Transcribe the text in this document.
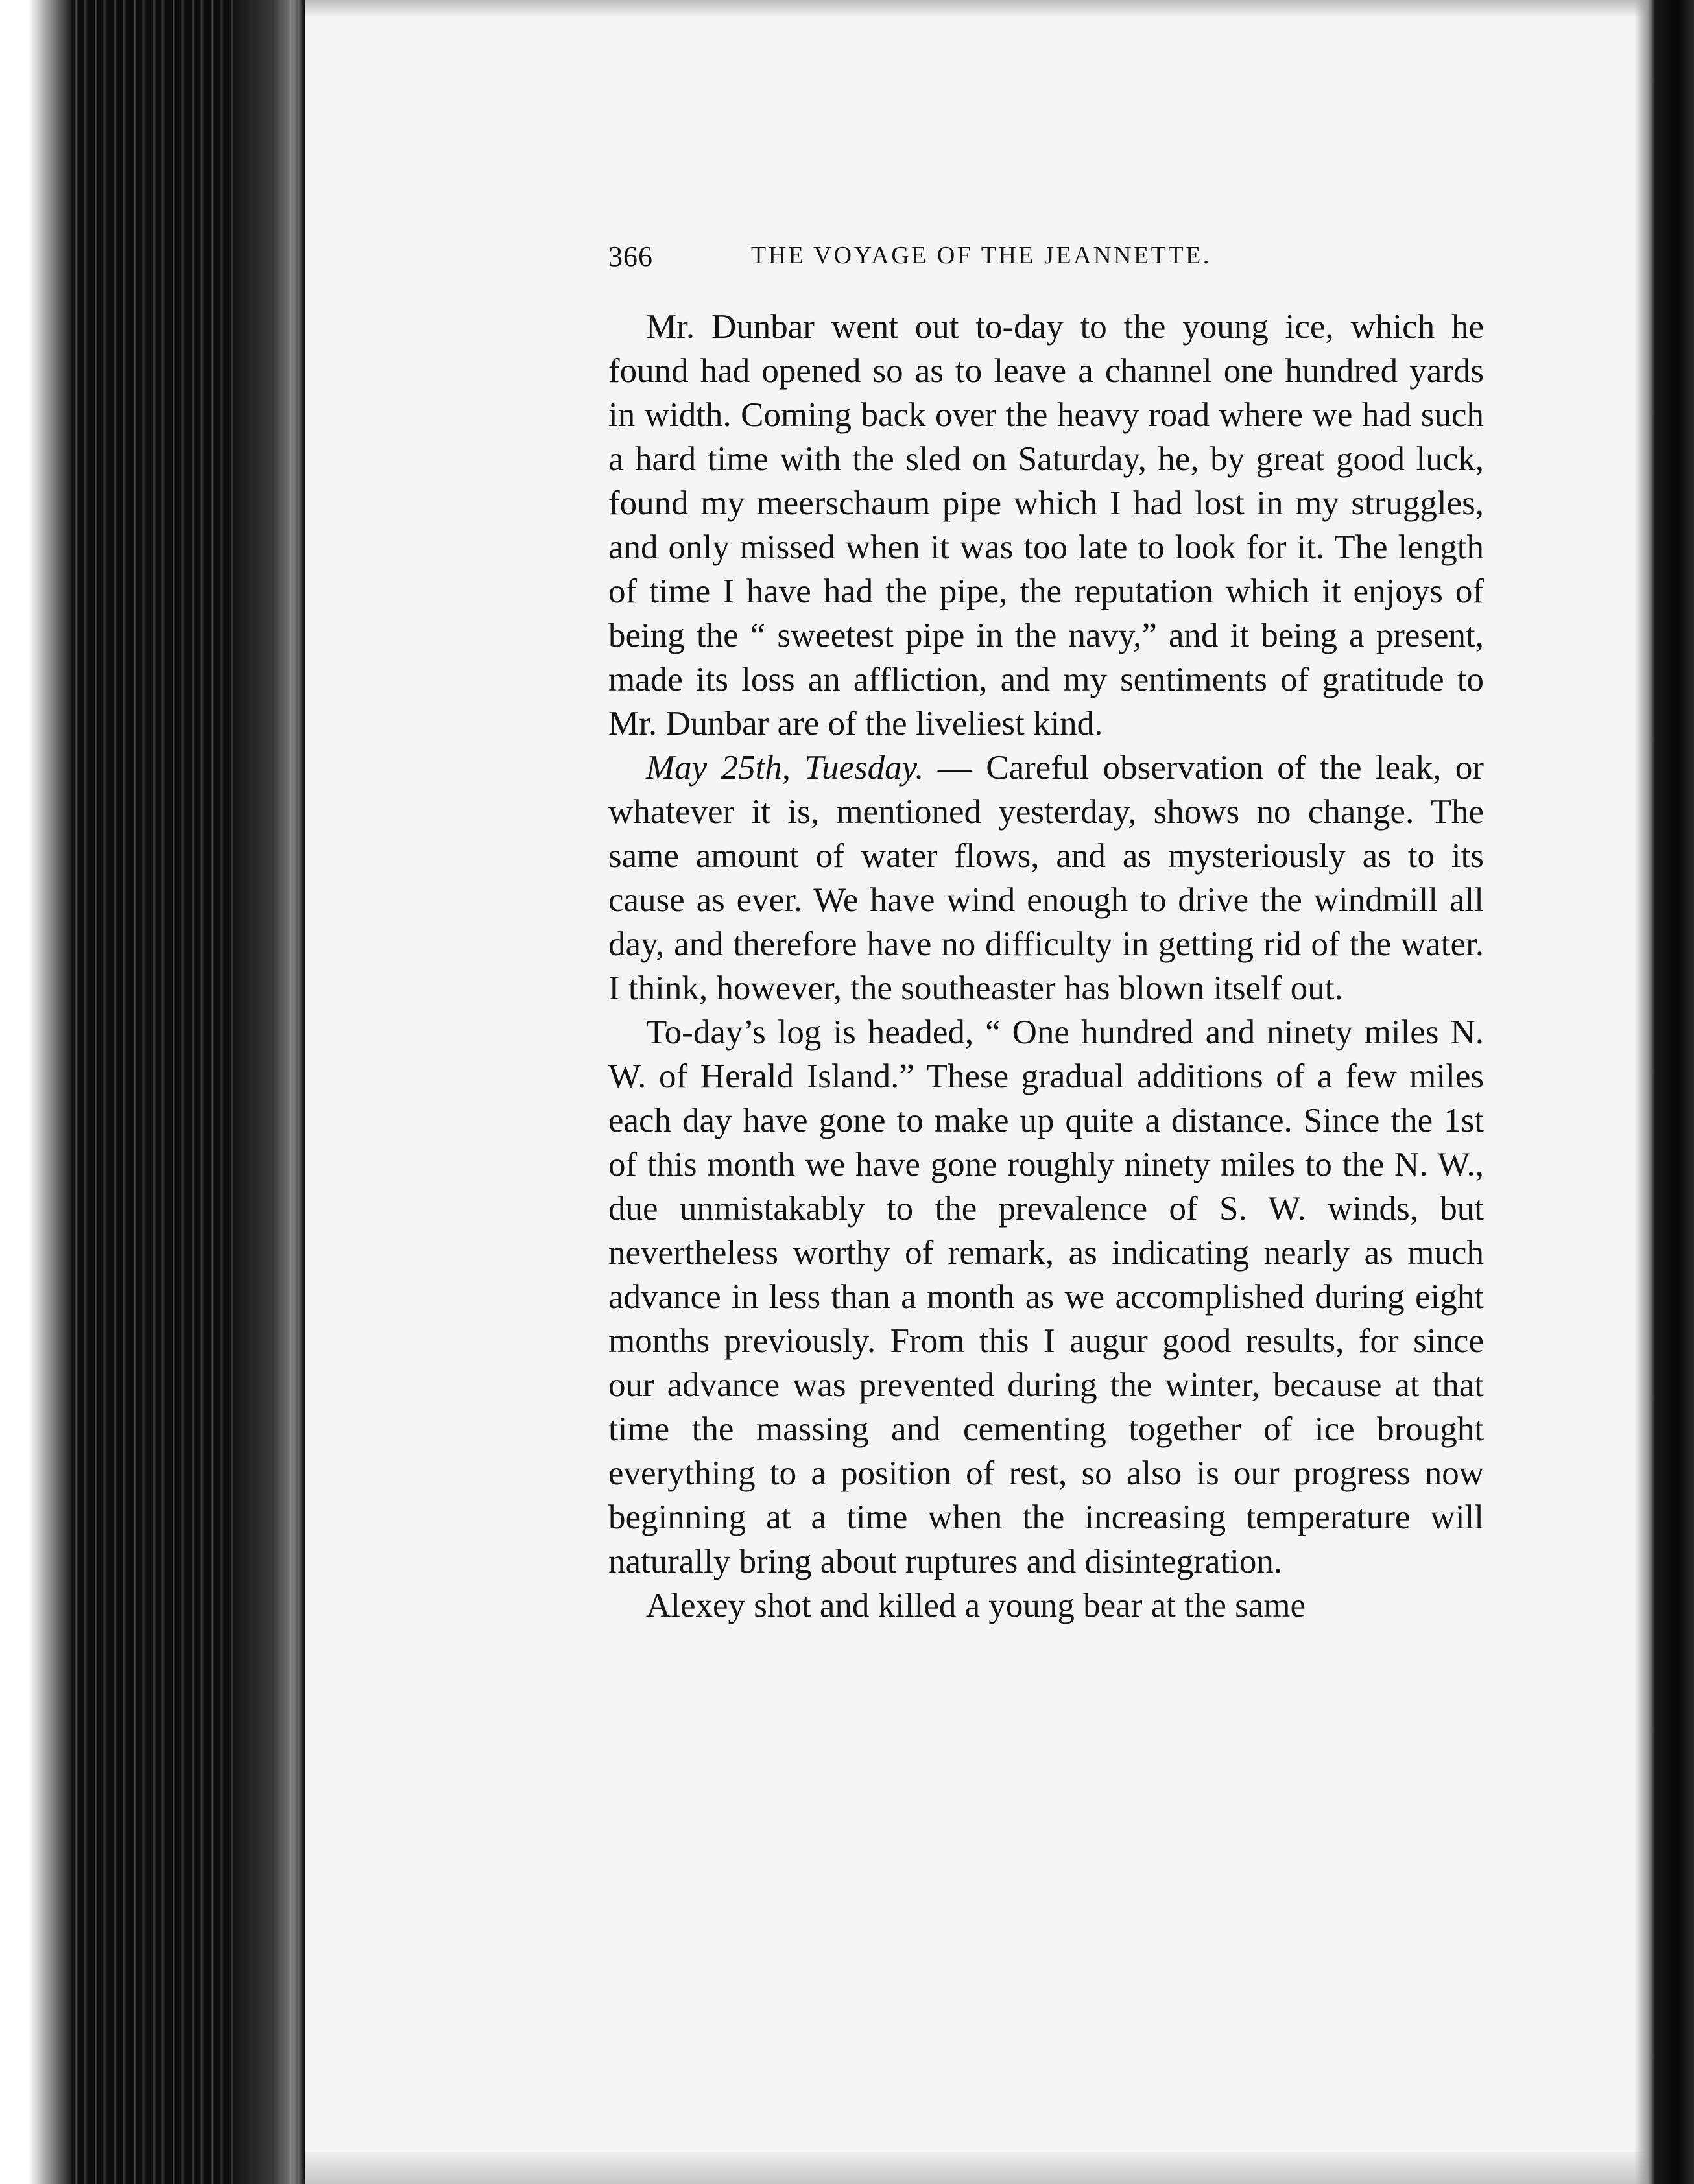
366	THE VOYAGE OF THE JEANNETTE.

Mr. Dunbar went out to-day to the young ice, which he found had opened so as to leave a channel one hundred yards in width. Coming back over the heavy road where we had such a hard time with the sled on Saturday, he, by great good luck, found my meerschaum pipe which I had lost in my struggles, and only missed when it was too late to look for it. The length of time I have had the pipe, the reputation which it enjoys of being the “ sweetest pipe in the navy,” and it being a present, made its loss an affliction, and my sentiments of gratitude to Mr. Dunbar are of the liveliest kind.

May 25th, Tuesday. — Careful observation of the leak, or whatever it is, mentioned yesterday, shows no change. The same amount of water flows, and as mysteriously as to its cause as ever. We have wind enough to drive the windmill all day, and therefore have no difficulty in getting rid of the water. I think, however, the southeaster has blown itself out.

To-day’s log is headed, “ One hundred and ninety miles N. W. of Herald Island.” These gradual additions of a few miles each day have gone to make up quite a distance. Since the 1st of this month we have gone roughly ninety miles to the N. W., due unmistakably to the prevalence of S. W. winds, but nevertheless worthy of remark, as indicating nearly as much advance in less than a month as we accomplished during eight months previously. From this I augur good results, for since our advance was prevented during the winter, because at that time the massing and cementing together of ice brought everything to a position of rest, so also is our progress now beginning at a time when the increasing temperature will naturally bring about ruptures and disintegration.

Alexey shot and killed a young bear at the same
